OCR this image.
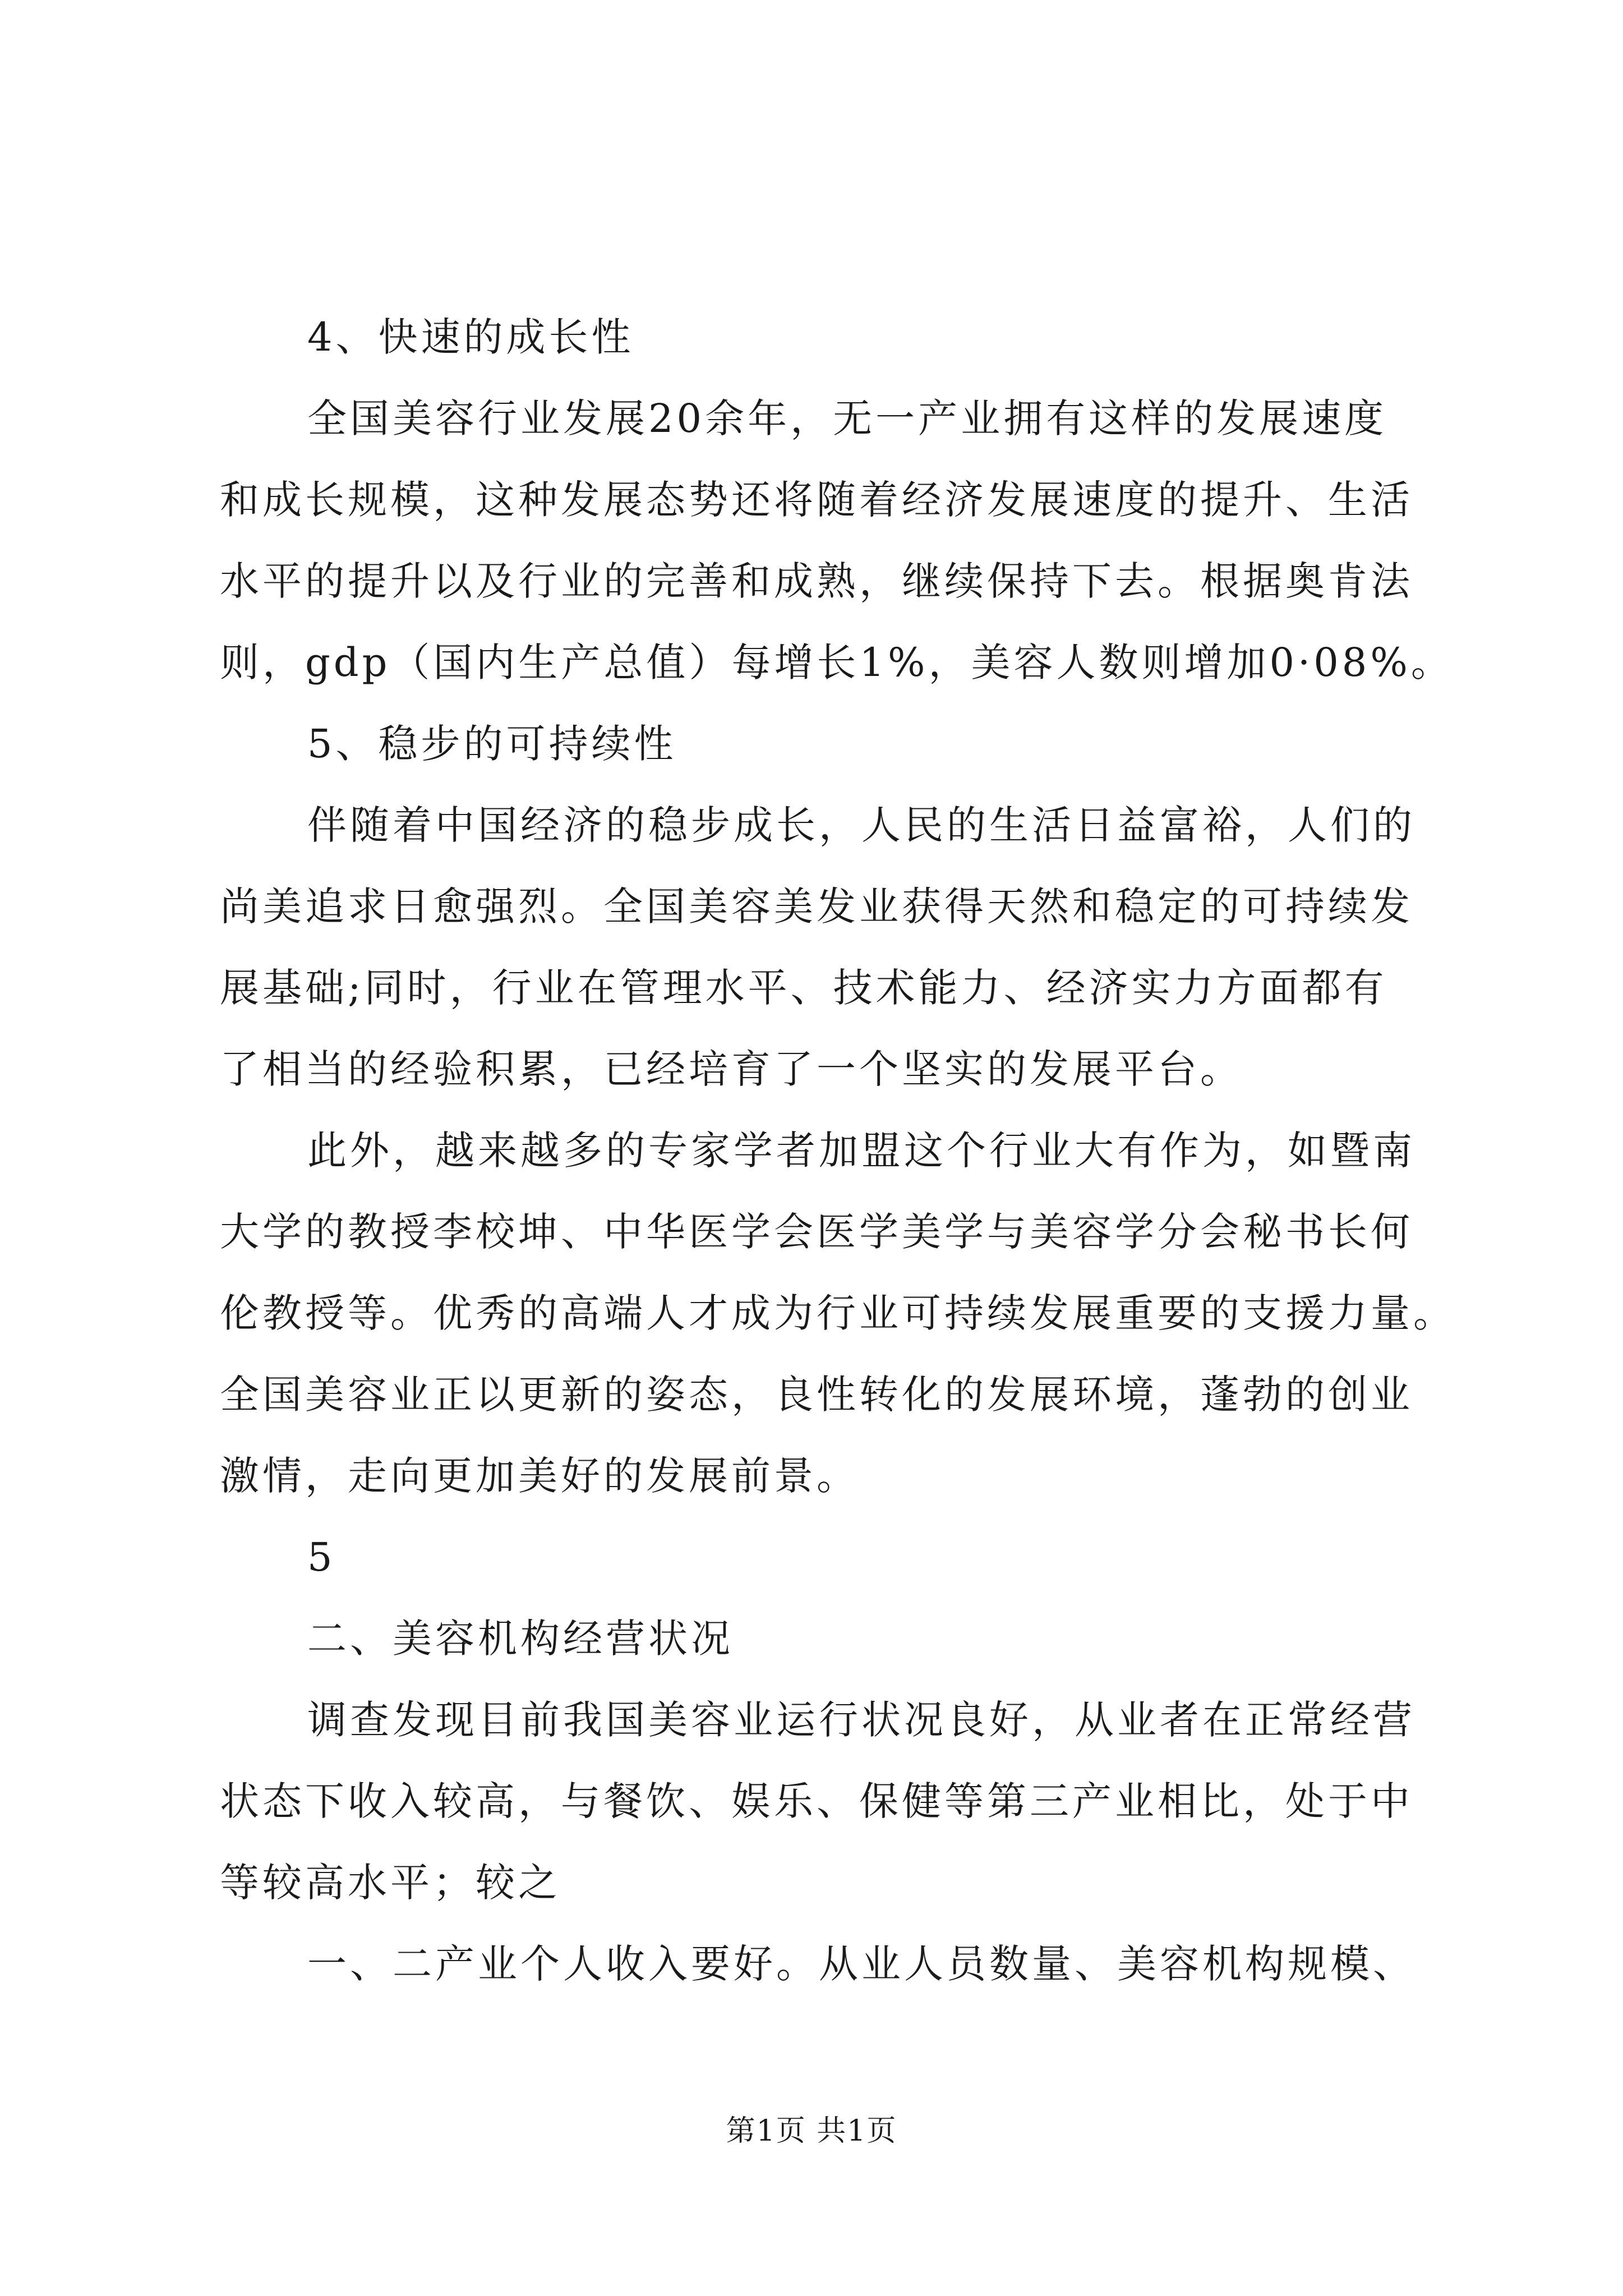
4、快速的成长性
全国美容行业发展20余年，无一产业拥有这样的发展速度
和成长规模，这种发展态势还将随着经济发展速度的提升、生活
水平的提升以及行业的完善和成熟，继续保持下去。根据奥肯法
则，gdp（国内生产总值）每增长1%，美容人数则增加0·08%。
5、稳步的可持续性
伴随着中国经济的稳步成长，人民的生活日益富裕，人们的
尚美追求日愈强烈。全国美容美发业获得天然和稳定的可持续发
展基础;同时，行业在管理水平、技术能力、经济实力方面都有
了相当的经验积累，已经培育了一个坚实的发展平台。
此外，越来越多的专家学者加盟这个行业大有作为，如暨南
大学的教授李校坤、中华医学会医学美学与美容学分会秘书长何
伦教授等。优秀的高端人才成为行业可持续发展重要的支援力量。
全国美容业正以更新的姿态，良性转化的发展环境，蓬勃的创业
激情，走向更加美好的发展前景。
5
二、美容机构经营状况
调查发现目前我国美容业运行状况良好，从业者在正常经营
状态下收入较高，与餐饮、娱乐、保健等第三产业相比，处于中
等较高水平；较之
一、二产业个人收入要好。从业人员数量、美容机构规模、
第1页 共1页
